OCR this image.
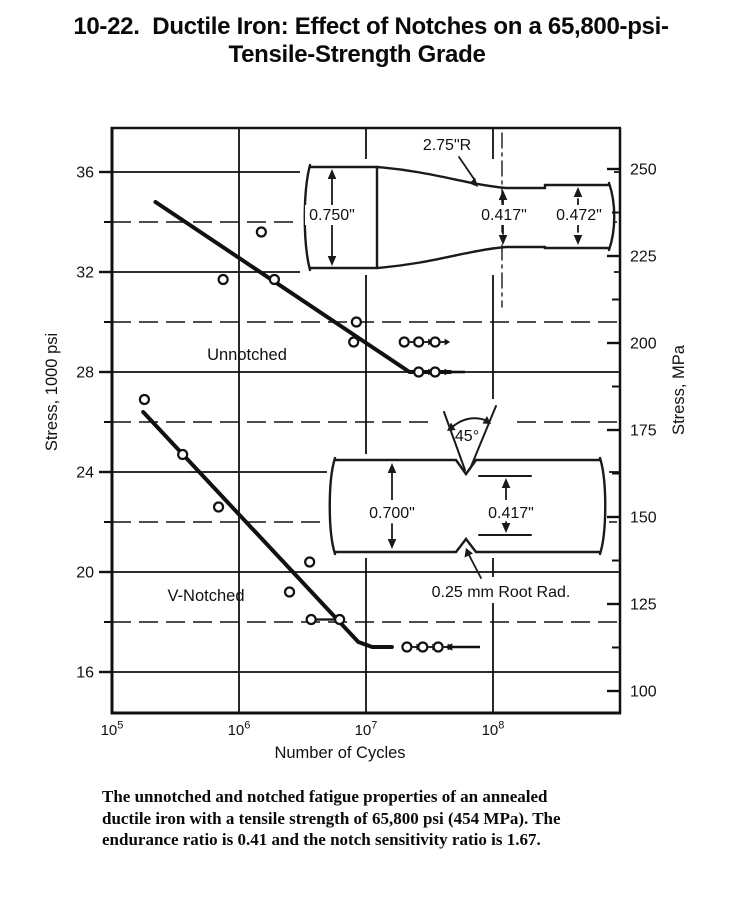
10-22.  Ductile Iron: Effect of Notches on a 65,800-psi-
Tensile-Strength Grade
2.75"R
0.750"	0.417" 0.472"
45°
0.700"	0.417"
0.25 mm Root Rad.
36
32
28
24
20
16
250
225
200
175
150
125
100
$10^5$	$10^6$	$10^7$	$10^8$
Unnotched
V-Notched
Stress, 1000 psi	Stress, MPa
Number of Cycles
The unnotched and notched fatigue properties of an annealed
ductile iron with a tensile strength of 65,800 psi (454 MPa). The
endurance ratio is 0.41 and the notch sensitivity ratio is 1.67.
